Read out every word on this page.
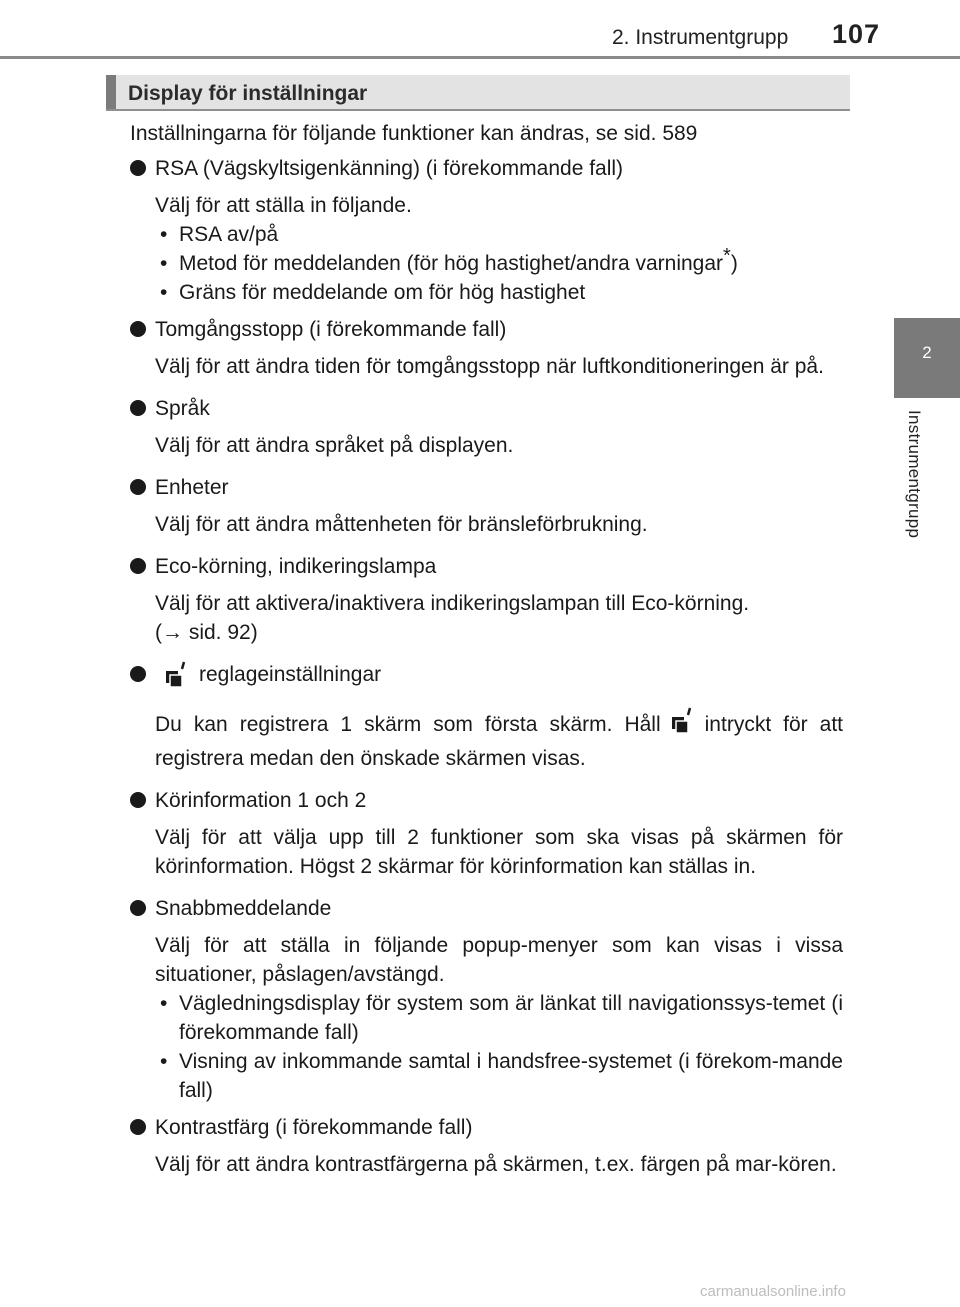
2. Instrumentgrupp 107
2
Instrumentgrupp
Display för inställningar

Inställningarna för följande funktioner kan ändras, se sid. 589

RSA (Vägskyltsigenkänning) (i förekommande fall)

Välj för att ställa in följande.

• RSA av/på
• Metod för meddelanden (för hög hastighet/andra varningar*)
• Gräns för meddelande om för hög hastighet
Tomgångsstopp (i förekommande fall)

Välj för att ändra tiden för tomgångsstopp när luftkonditioneringen är på.

Språk

Välj för att ändra språket på displayen.

Enheter

Välj för att ändra måttenheten för bränsleförbrukning.

Eco-körning, indikeringslampa

Välj för att aktivera/inaktivera indikeringslampan till Eco-körning.

(→ sid. 92)

reglageinställningar

Du kan registrera 1 skärm som första skärm. Håll intryckt för att registrera medan den önskade skärmen visas.

Körinformation 1 och 2

Välj för att välja upp till 2 funktioner som ska visas på skärmen för körinformation. Högst 2 skärmar för körinformation kan ställas in.

Snabbmeddelande

Välj för att ställa in följande popup-menyer som kan visas i vissa situationer, påslagen/avstängd.

• Vägledningsdisplay för system som är länkat till navigationssys-temet (i förekommande fall)
• Visning av inkommande samtal i handsfree-systemet (i förekom-mande fall)
Kontrastfärg (i förekommande fall)

Välj för att ändra kontrastfärgerna på skärmen, t.ex. färgen på mar-kören.

carmanualsonline.info
